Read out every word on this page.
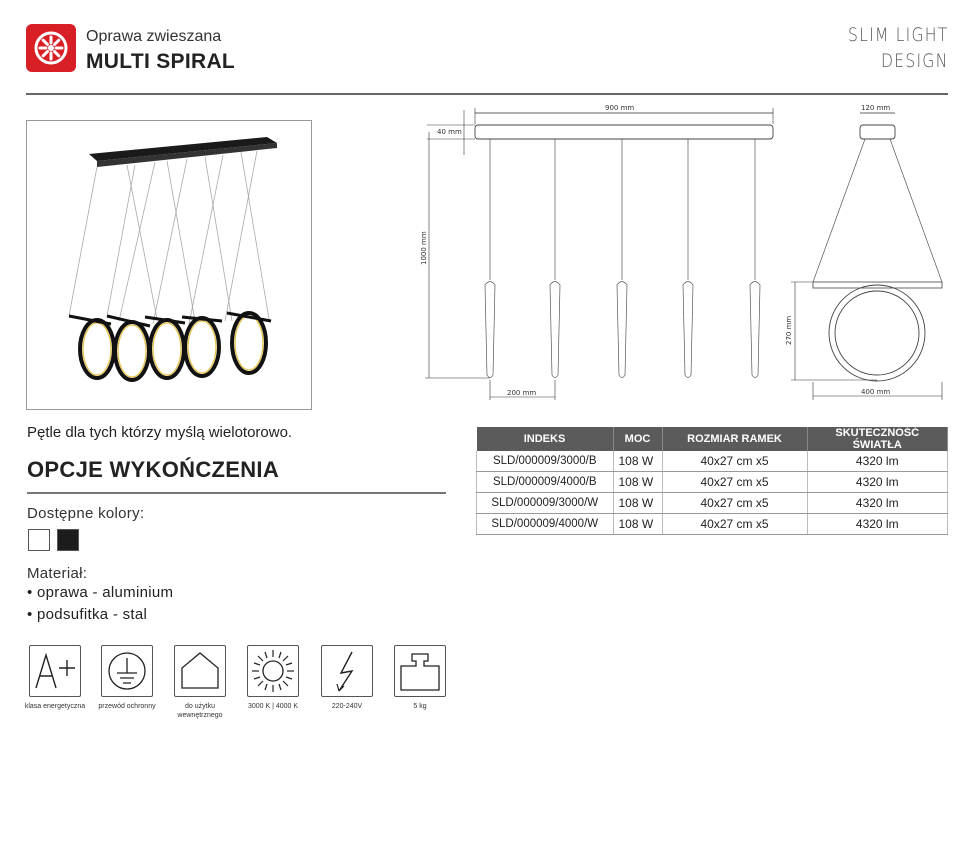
Oprawa zwieszana
MULTI SPIRAL
SLIM LIGHT
DESIGN
900 mm
40 mm
1000 mm
200 mm
120 mm
270 mm
400 mm
Pętle dla tych którzy myślą wielotorowo.
OPCJE WYKOŃCZENIA
Dostępne kolory:
Materiał:
• oprawa - aluminium
• podsufitka - stal
klasa energetyczna	przewód ochronny	do użytku wewnętrznego
3000 K | 4000 K	220-240V	5 kg
INDEKS	MOC	ROZMIAR RAMEK	SKUTECZNOŚĆ ŚWIATŁA
SLD/000009/3000/B	108 W	40x27 cm x5	4320 lm
SLD/000009/4000/B	108 W	40x27 cm x5	4320 lm
SLD/000009/3000/W	108 W	40x27 cm x5	4320 lm
SLD/000009/4000/W	108 W	40x27 cm x5	4320 lm
